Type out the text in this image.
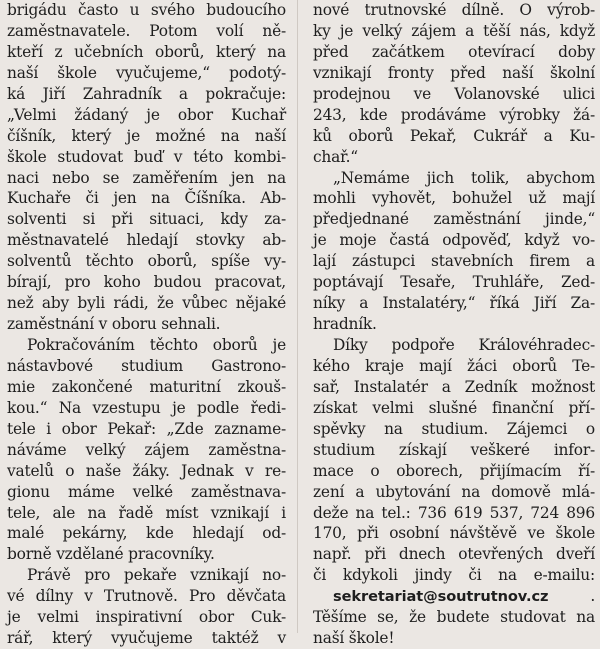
brigádu často u svého budoucího
zaměstnavatele. Potom volí ně-
kteří z učebních oborů, který na
naší škole vyučujeme,“ podotý-
ká Jiří Zahradník a pokračuje:
„Velmi žádaný je obor Kuchař
číšník, který je možné na naší
škole studovat buď v této kombi-
naci nebo se zaměřením jen na
Kuchaře či jen na Číšníka. Ab-
solventi si při situaci, kdy za-
městnavatelé hledají stovky ab-
solventů těchto oborů, spíše vy-
bírají, pro koho budou pracovat,
než aby byli rádi, že vůbec nějaké
zaměstnání v oboru sehnali.
Pokračováním těchto oborů je
nástavbové studium Gastrono-
mie zakončené maturitní zkouš-
kou.“ Na vzestupu je podle ředi-
tele i obor Pekař: „Zde zazname-
náváme velký zájem zaměstna-
vatelů o naše žáky. Jednak v re-
gionu máme velké zaměstnava-
tele, ale na řadě míst vznikají i
malé pekárny, kde hledají od-
borně vzdělané pracovníky.
Právě pro pekaře vznikají no-
vé dílny v Trutnově. Pro děvčata
je velmi inspirativní obor Cuk-
rář, který vyučujeme taktéž v
nové trutnovské dílně. O výrob-
ky je velký zájem a těší nás, když
před začátkem otevírací doby
vznikají fronty před naší školní
prodejnou ve Volanovské ulici
243, kde prodáváme výrobky žá-
ků oborů Pekař, Cukrář a Ku-
chař.“
„Nemáme jich tolik, abychom
mohli vyhovět, bohužel už mají
předjednané zaměstnání jinde,“
je moje častá odpověď, když vo-
lají zástupci stavebních firem a
poptávají Tesaře, Truhláře, Zed-
níky a Instalatéry,“ říká Jiří Za-
hradník.
Díky podpoře Královéhradec-
kého kraje mají žáci oborů Te-
sař, Instalatér a Zedník možnost
získat velmi slušné finanční pří-
spěvky na studium. Zájemci o
studium získají veškeré infor-
mace o oborech, přijímacím ří-
zení a ubytování na domově mlá-
deže na tel.: 736 619 537, 724 896
170, při osobní návštěvě ve škole
např. při dnech otevřených dveří
či kdykoli jindy či na e-mailu:
sekretariat@soutrutnov.cz	.
Těšíme se, že budete studovat na
naší škole!
